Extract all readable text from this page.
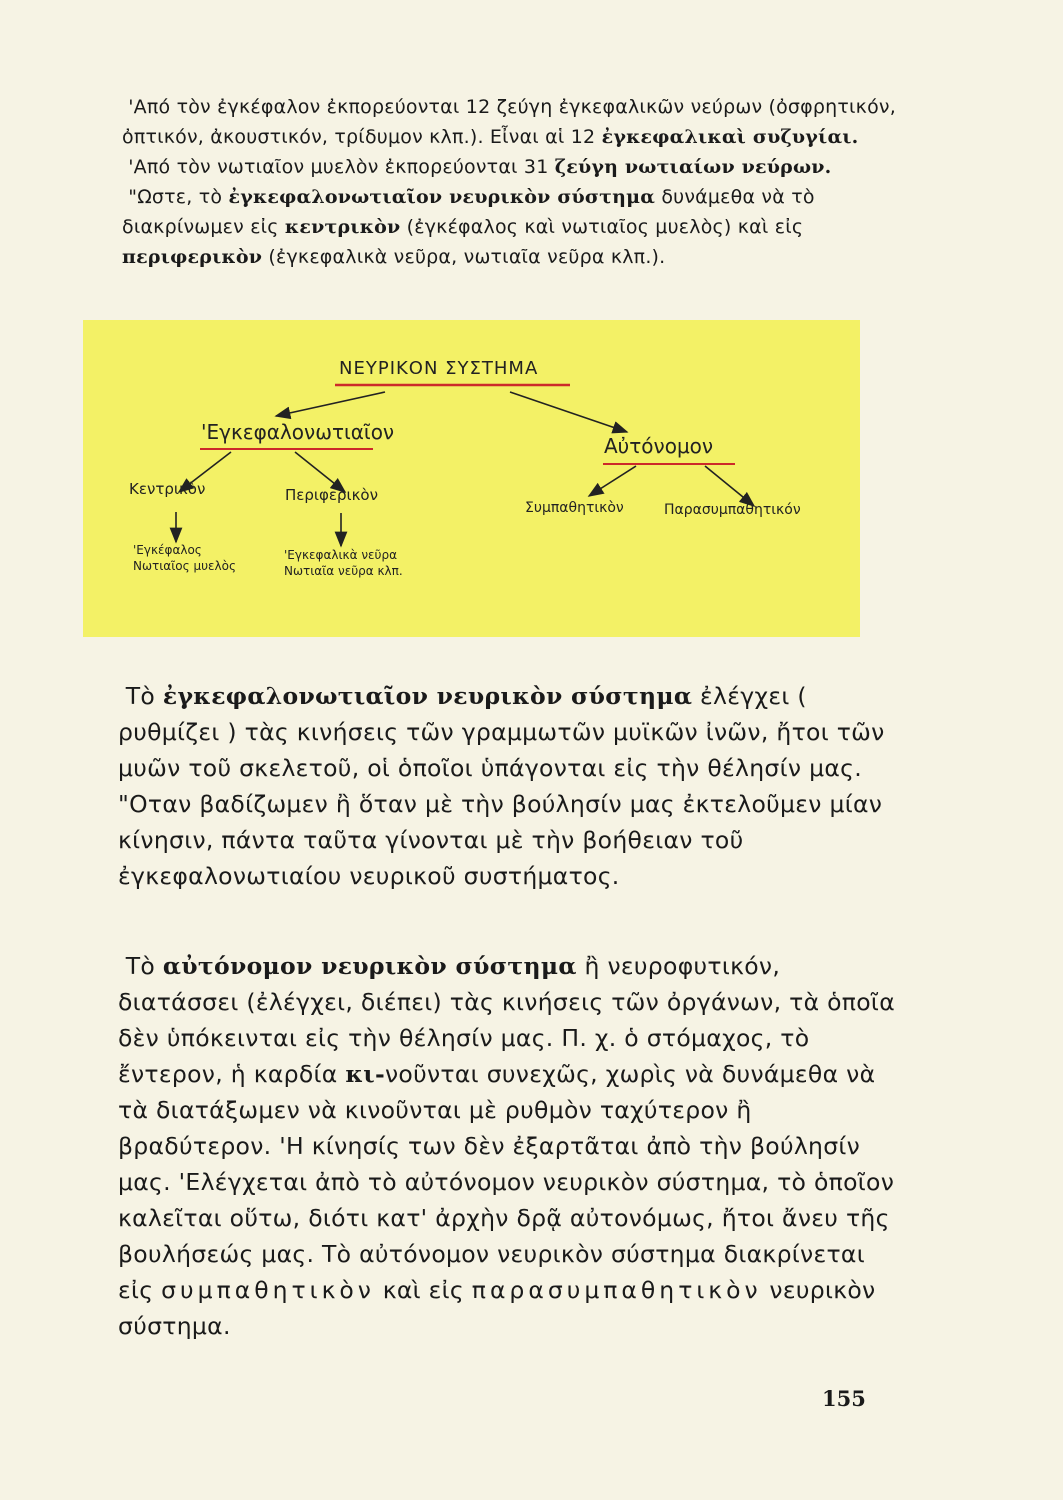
'Από τὸν ἐγκέφαλον ἐκπορεύονται 12 ζεύγη ἐγκεφαλικῶν νεύρων (ὀσφρητικόν, ὀπτικόν, ἀκουστικόν, τρίδυμον κλπ.). Εἶναι αἱ 12 ἐγκεφαλικαὶ συζυγίαι.

'Από τὸν νωτιαῖον μυελὸν ἐκπορεύονται 31 ζεύγη νωτιαίων νεύρων.

"Ωστε, τὸ ἐγκεφαλονωτιαῖον νευρικὸν σύστημα δυνάμεθα νὰ τὸ διακρίνωμεν εἰς κεντρικὸν (ἐγκέφαλος καὶ νωτιαῖος μυελὸς) καὶ εἰς περιφερικὸν (ἐγκεφαλικὰ νεῦρα, νωτιαῖα νεῦρα κλπ.).

ΝΕΥΡΙΚΟΝ ΣΥΣΤΗΜΑ
'Εγκεφαλονωτιαῖον
Αὐτόνομον
Κεντρικὸν	Περιφερικὸν
Συμπαθητικὸν	Παρασυμπαθητικόν
'Εγκέφαλος
Νωτιαῖος μυελὸς
'Εγκεφαλικὰ νεῦρα
Νωτιαῖα νεῦρα κλπ.

Τὸ ἐγκεφαλονωτιαῖον νευρικὸν σύστημα ἐλέγχει ( ρυθμίζει ) τὰς κινήσεις τῶν γραμμωτῶν μυϊκῶν ἰνῶν, ἤτοι τῶν μυῶν τοῦ σκελετοῦ, οἱ ὁποῖοι ὑπάγονται εἰς τὴν θέλησίν μας. "Οταν βαδίζωμεν ἢ ὅταν μὲ τὴν βούλησίν μας ἐκτελοῦμεν μίαν κίνησιν, πάντα ταῦτα γίνονται μὲ τὴν βοήθειαν τοῦ ἐγκεφαλονωτιαίου νευρικοῦ συστήματος.

Τὸ αὐτόνομον νευρικὸν σύστημα ἢ νευροφυτικόν, διατάσσει (ἐλέγχει, διέπει) τὰς κινήσεις τῶν ὀργάνων, τὰ ὁποῖα δὲν ὑπόκεινται εἰς τὴν θέλησίν μας. Π. χ. ὁ στόμαχος, τὸ ἔντερον, ἡ καρδία κι-νοῦνται συνεχῶς, χωρὶς νὰ δυνάμεθα νὰ τὰ διατάξωμεν νὰ κινοῦνται μὲ ρυθμὸν ταχύτερον ἢ βραδύτερον. 'Η κίνησίς των δὲν ἐξαρτᾶται ἀπὸ τὴν βούλησίν μας. 'Ελέγχεται ἀπὸ τὸ αὐτόνομον νευρικὸν σύστημα, τὸ ὁποῖον καλεῖται οὕτω, διότι κατ' ἀρχὴν δρᾷ αὐτονόμως, ἤτοι ἄνευ τῆς βουλήσεώς μας. Τὸ αὐτόνομον νευρικὸν σύστημα διακρίνεται εἰς συμπαθητικὸν καὶ εἰς παρασυμπαθητικὸν νευρικὸν σύστημα.

155
